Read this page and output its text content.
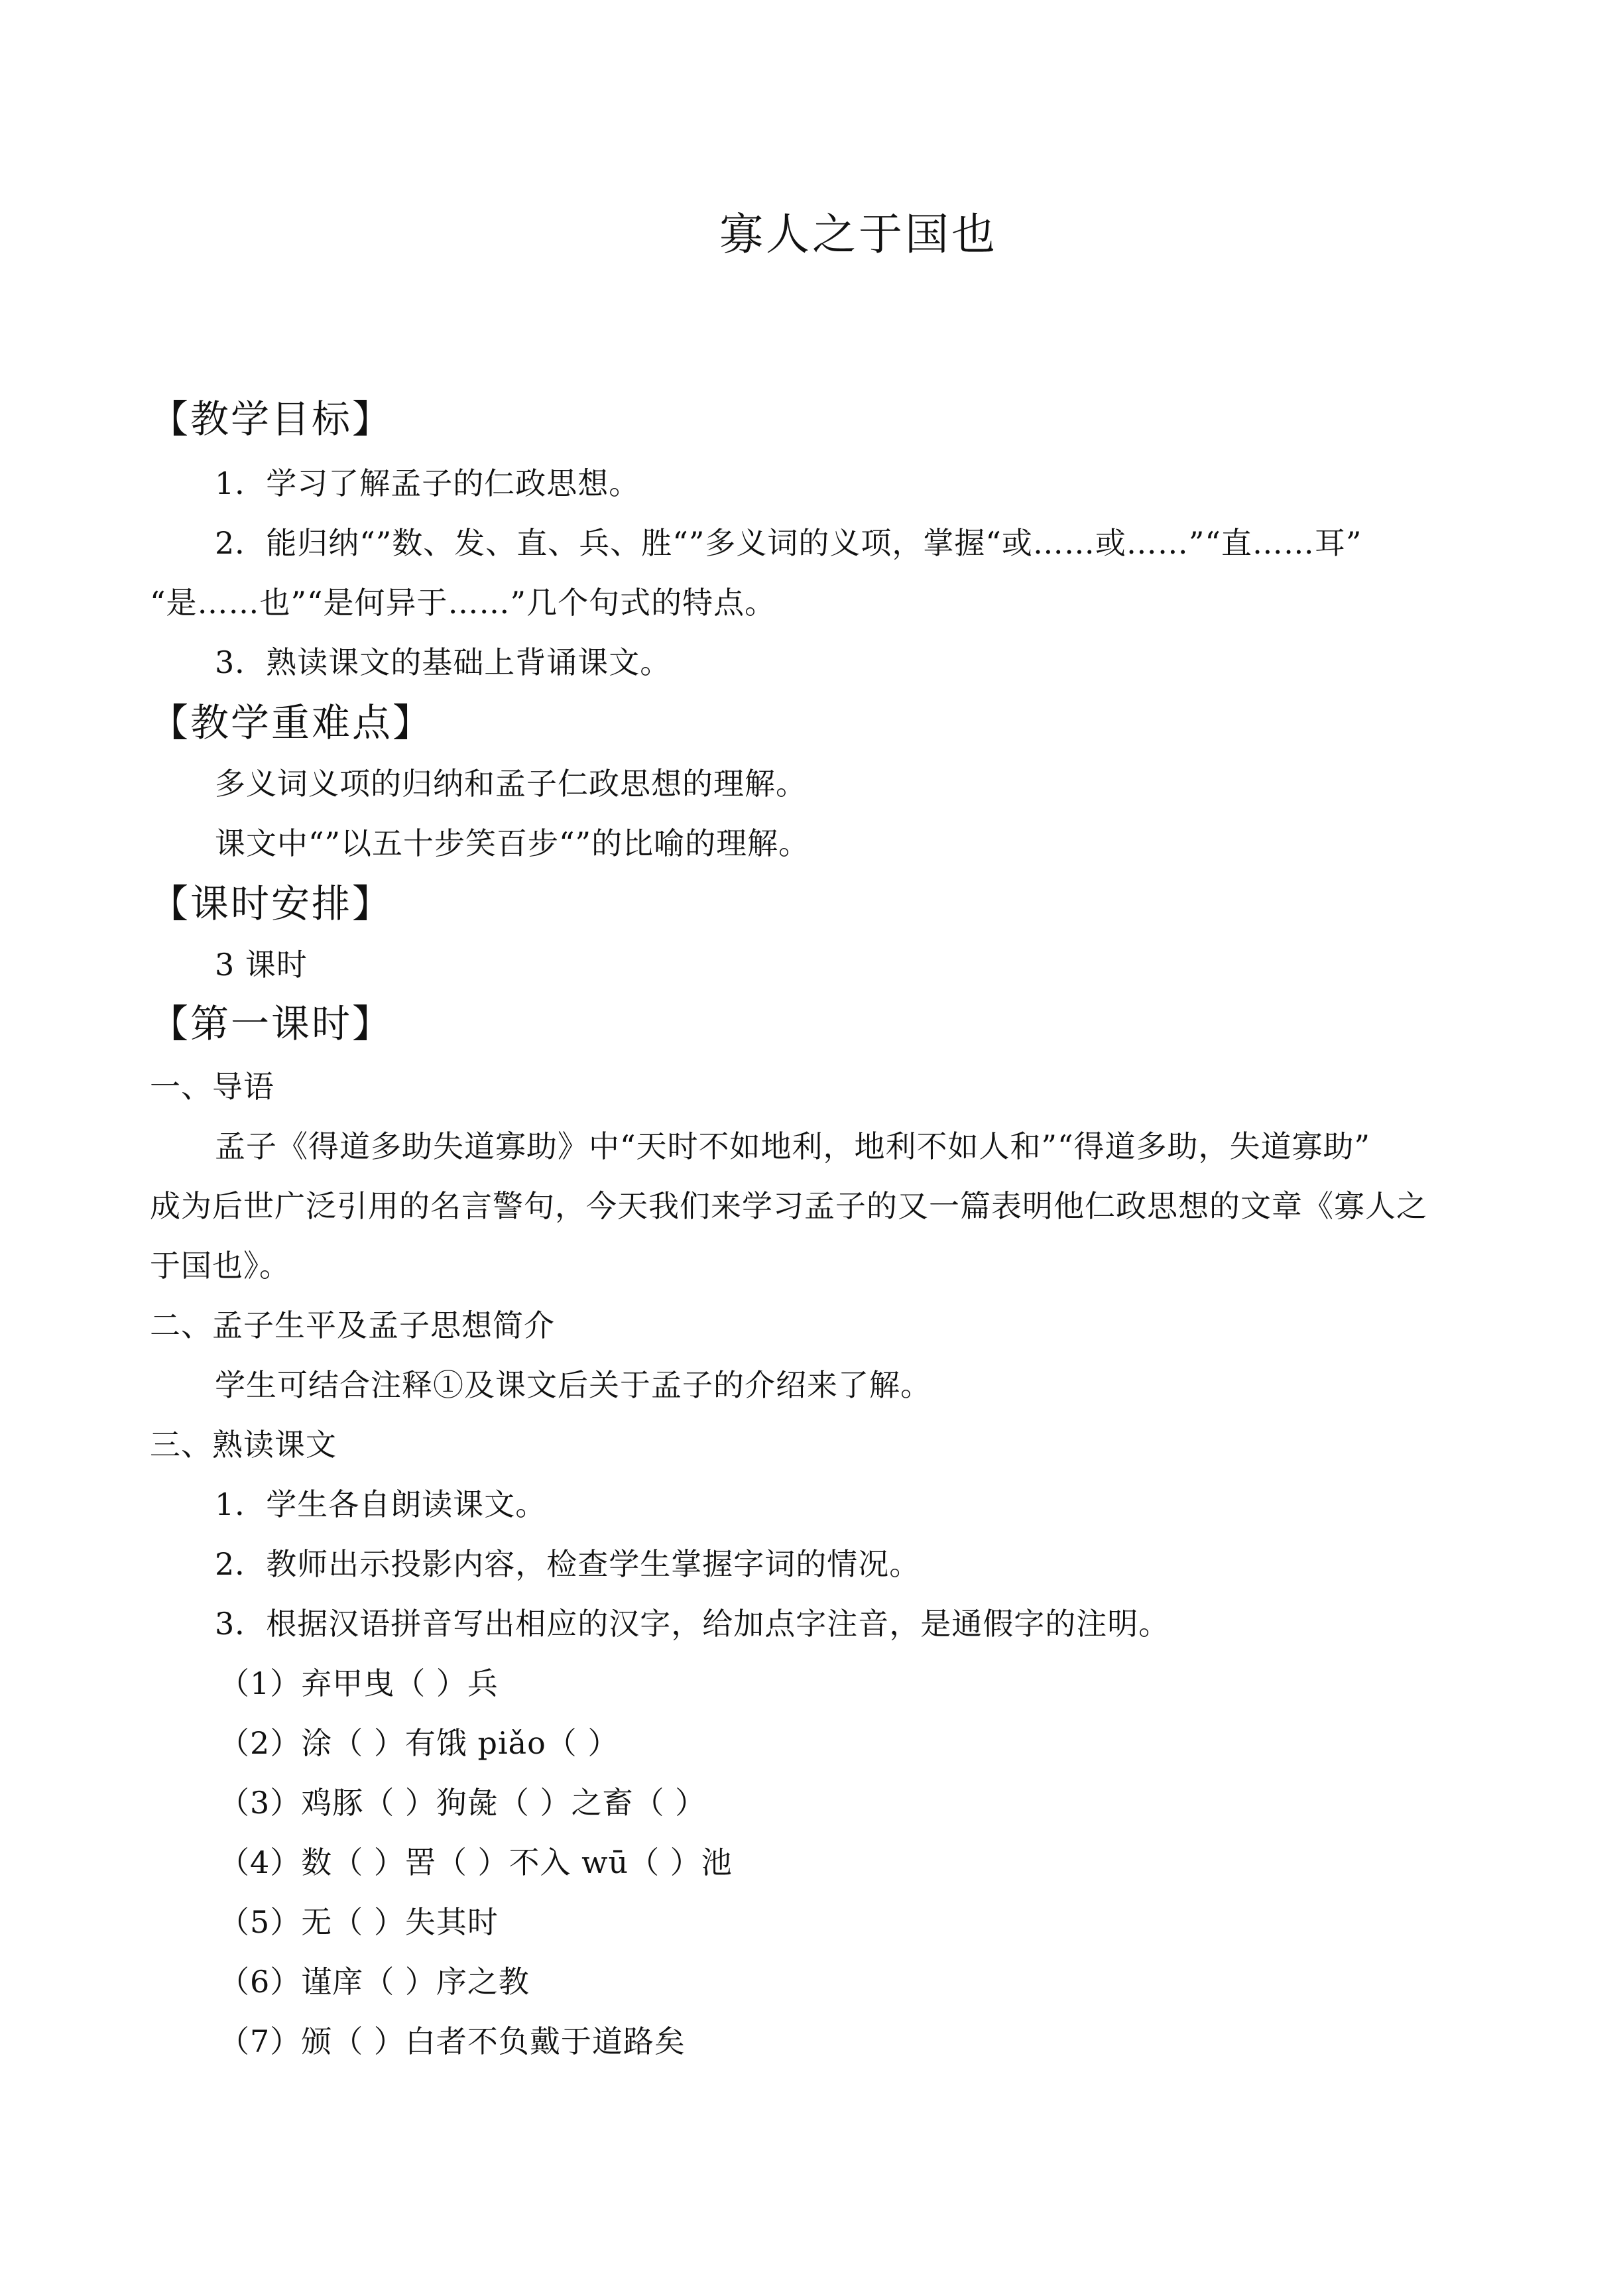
寡人之于国也
【教学目标】
1．学习了解孟子的仁政思想。
2．能归纳“”数、发、直、兵、胜“”多义词的义项，掌握“或……或……”“直……耳”
“是……也”“是何异于……”几个句式的特点。
3．熟读课文的基础上背诵课文。
【教学重难点】
多义词义项的归纳和孟子仁政思想的理解。
课文中“”以五十步笑百步“”的比喻的理解。
【课时安排】
3 课时
【第一课时】
一、导语
孟子《得道多助失道寡助》中“天时不如地利，地利不如人和”“得道多助，失道寡助”
成为后世广泛引用的名言警句，今天我们来学习孟子的又一篇表明他仁政思想的文章《寡人之
于国也》。
二、孟子生平及孟子思想简介
学生可结合注释①及课文后关于孟子的介绍来了解。
三、熟读课文
1．学生各自朗读课文。
2．教师出示投影内容，检查学生掌握字词的情况。
3．根据汉语拼音写出相应的汉字，给加点字注音，是通假字的注明。
（1）弃甲曳（ ）兵
（2）涂（ ）有饿 piǎo（ ）
（3）鸡豚（ ）狗彘（ ）之畜（ ）
（4）数（ ）罟（ ）不入 wū（ ）池
（5）无（ ）失其时
（6）谨庠（ ）序之教
（7）颁（ ）白者不负戴于道路矣
